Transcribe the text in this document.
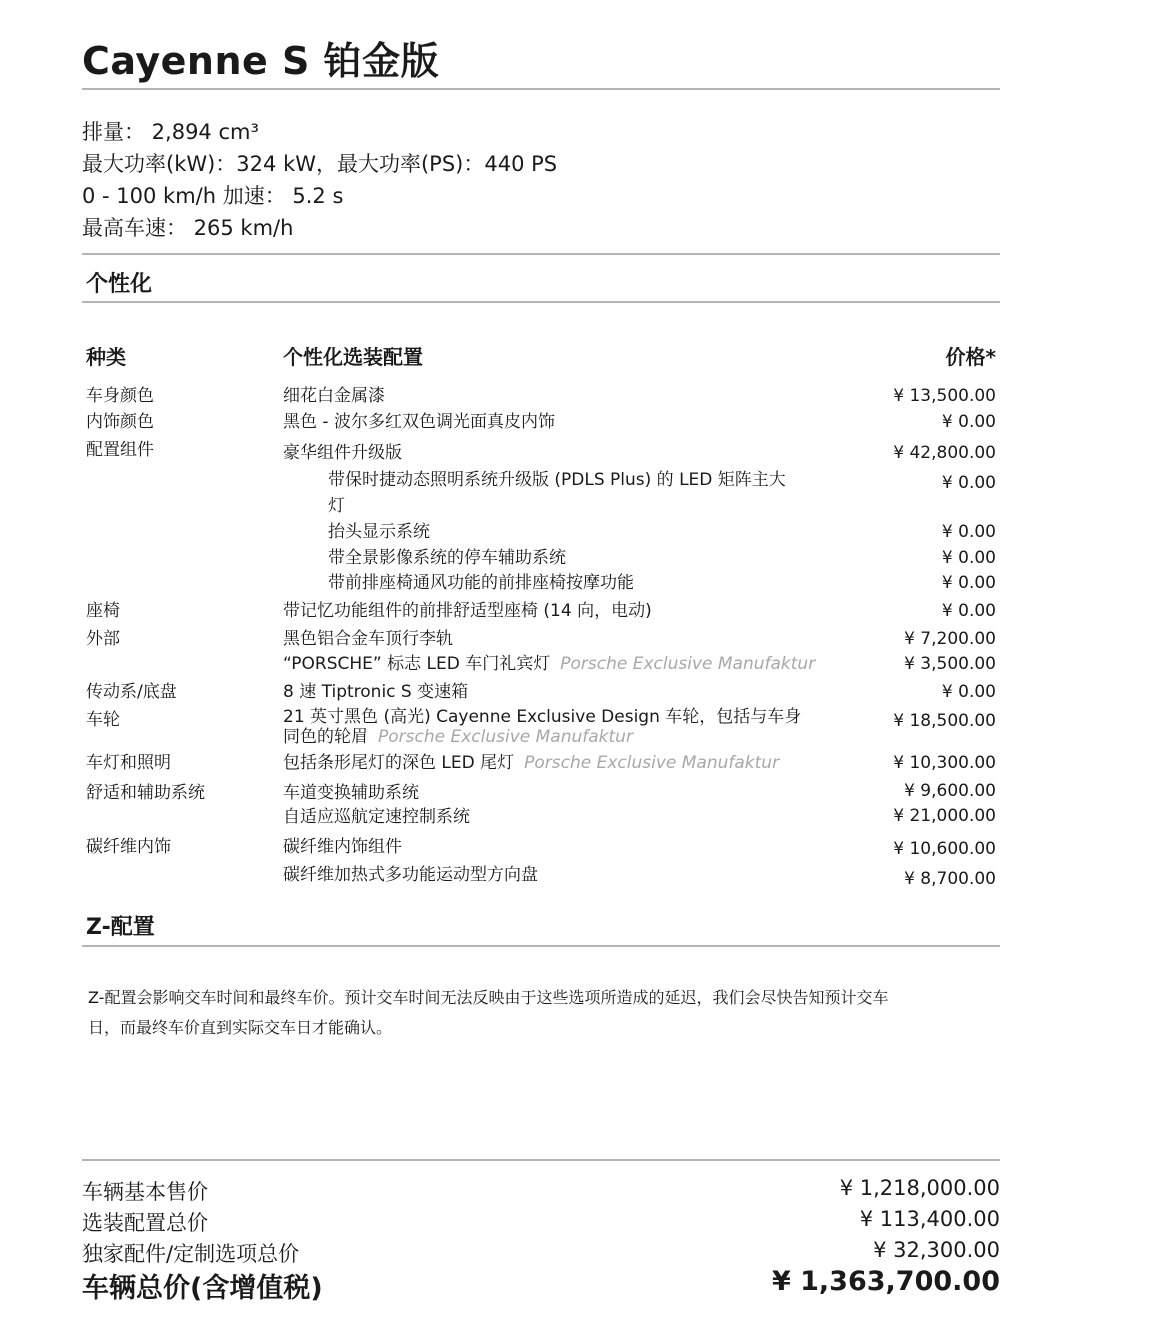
Cayenne S 铂金版
排量： 2,894 cm³
最大功率(kW)：324 kW，最大功率(PS)：440 PS
0 - 100 km/h 加速： 5.2 s
最高车速： 265 km/h
个性化
种类	个性化选装配置	价格*
车身颜色	细花白金属漆	¥ 13,500.00
内饰颜色	黑色 - 波尔多红双色调光面真皮内饰	¥ 0.00
配置组件	豪华组件升级版	¥ 42,800.00
带保时捷动态照明系统升级版 (PDLS Plus) 的 LED 矩阵主大
灯
¥ 0.00
抬头显示系统	¥ 0.00
带全景影像系统的停车辅助系统	¥ 0.00
带前排座椅通风功能的前排座椅按摩功能	¥ 0.00
座椅	带记忆功能组件的前排舒适型座椅 (14 向，电动)	¥ 0.00
外部	黑色铝合金车顶行李轨	¥ 7,200.00
“PORSCHE” 标志 LED 车门礼宾灯 Porsche Exclusive Manufaktur	¥ 3,500.00
传动系/底盘	8 速 Tiptronic S 变速箱	¥ 0.00
车轮	21 英寸黑色 (高光) Cayenne Exclusive Design 车轮，包括与车身
同色的轮眉 Porsche Exclusive Manufaktur
¥ 18,500.00
车灯和照明	包括条形尾灯的深色 LED 尾灯 Porsche Exclusive Manufaktur	¥ 10,300.00
舒适和辅助系统	车道变换辅助系统	¥ 9,600.00
自适应巡航定速控制系统	¥ 21,000.00
碳纤维内饰	碳纤维内饰组件	¥ 10,600.00
碳纤维加热式多功能运动型方向盘	¥ 8,700.00
Z-配置
Z-配置会影响交车时间和最终车价。预计交车时间无法反映由于这些选项所造成的延迟，我们会尽快告知预计交车
日，而最终车价直到实际交车日才能确认。
车辆基本售价	¥ 1,218,000.00
选装配置总价	¥ 113,400.00
独家配件/定制选项总价	¥ 32,300.00
车辆总价(含增值税)	¥ 1,363,700.00
